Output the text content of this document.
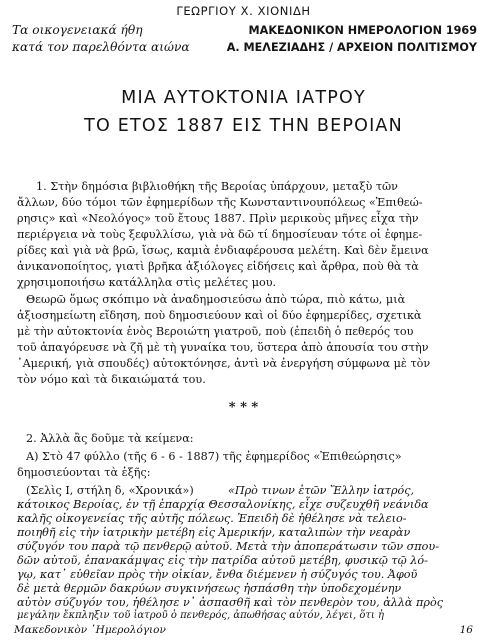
ΓΕΩΡΓΙΟΥ Χ. ΧΙΟΝΙΔΗ
Τα οικογενειακά ήθη
κατά τον παρελθόντα αιώνα
ΜΑΚΕΔΟΝΙΚΟΝ ΗΜΕΡΟΛΟΓΙΟΝ 1969
Α. ΜΕΛΕΖΙΑΔΗΣ / ΑΡΧΕΙΟΝ ΠΟΛΙΤΙΣΜΟΥ
ΜΙΑ ΑΥΤΟΚΤΟΝΙΑ ΙΑΤΡΟΥ
ΤΟ ΕΤΟΣ 1887 ΕΙΣ ΤΗΝ ΒΕΡΟΙΑΝ
1. Στὴν δημόσια βιβλιοθήκη τῆς Βεροίας ὑπάρχουν, μεταξὺ τῶν
ἄλλων, δύο τόμοι τῶν ἐφημερίδων τῆς Κωνσταντινουπόλεως «Ἐπιθεώ-
ρησις» καὶ «Νεολόγος» τοῦ ἔτους 1887. Πρὶν μερικοὺς μῆνες εἶχα τὴν
περιέργεια νὰ τοὺς ξεφυλλίσω, γιὰ νὰ δῶ τί δημοσίευαν τότε οἱ ἐφημε-
ρίδες καὶ γιὰ νὰ βρῶ, ἴσως, καμιὰ ἐνδιαφέρουσα μελέτη. Καὶ δὲν ἔμεινα
ἀνικανοποίητος, γιατὶ βρῆκα ἀξιόλογες εἰδήσεις καὶ ἄρθρα, ποὺ θὰ τὰ
χρησιμοποιήσω κατάλληλα στὶς μελέτες μου.
Θεωρῶ ὅμως σκόπιμο νὰ ἀναδημοσιεύσω ἀπὸ τώρα, πιὸ κάτω, μιὰ
ἀξιοσημείωτη εἴδηση, ποὺ δημοσιεύουν καὶ οἱ δύο ἐφημερίδες, σχετικὰ
μὲ τὴν αὐτοκτονία ἑνὸς Βεροιώτη γιατροῦ, ποὺ (ἐπειδὴ ὁ πεθερός του
τοῦ ἀπαγόρευσε νὰ ζῆ μὲ τὴ γυναίκα του, ὕστερα ἀπὸ ἀπουσία του στὴν
᾿Αμερική, γιὰ σπουδές) αὐτοκτόνησε, ἀντὶ νὰ ἐνεργήση σύμφωνα μὲ τὸν
τὸν νόμο καὶ τὰ δικαιώματά του.
* * *
2. Ἀλλὰ ἂς δοῦμε τὰ κείμενα:
Α) Στὸ 47 φύλλο (τῆς 6 - 6 - 1887) τῆς ἐφημερίδος «Ἐπιθεώρησις»
δημοσιεύονται τὰ ἑξῆς:
(Σελὶς Ι, στήλη δ, «Χρονικά»)	«Πρὸ τινων ἐτῶν Ἕλλην ἰατρός,
κάτοικος Βεροίας, ἐν τῇ ἐπαρχίᾳ Θεσσαλονίκης, εἶχε συζευχθῆ νεάνιδα
καλῆς οἰκογενείας τῆς αὐτῆς πόλεως. Ἐπειδὴ δὲ ἠθέλησε νὰ τελειο-
ποιηθῆ εἰς τὴν ἰατρικὴν μετέβη εἰς Ἀμερικήν, καταλιπὼν τὴν νεαρὰν
σύζυγόν του παρὰ τῷ πενθερῷ αὐτοῦ. Μετὰ τὴν ἀποπεράτωσιν τῶν σπου-
δῶν αὐτοῦ, ἐπανακάμψας εἰς τὴν πατρίδα αὐτοῦ μετέβη, φυσικῷ τῷ λό-
γῳ, κατ᾿ εὐθεῖαν πρὸς τὴν οἰκίαν, ἔνθα διέμενεν ἡ σύζυγός του. Ἀφοῦ
δὲ μετὰ θερμῶν δακρύων συγκινήσεως ἠσπάσθη τὴν ὑποδεχομένην
αὐτὸν σύζυγόν του, ἠθέλησε ν᾿ ἀσπασθῆ καὶ τὸν πενθερὸν του, ἀλλὰ πρὸς
μεγάλην ἔκπληξιν τοῦ ἰατροῦ ὁ πενθερός, ἀπωθήσας αὐτόν, λέγει, ὅτι ἡ
Μακεδονικὸν ῾Ημερολόγιον	16
